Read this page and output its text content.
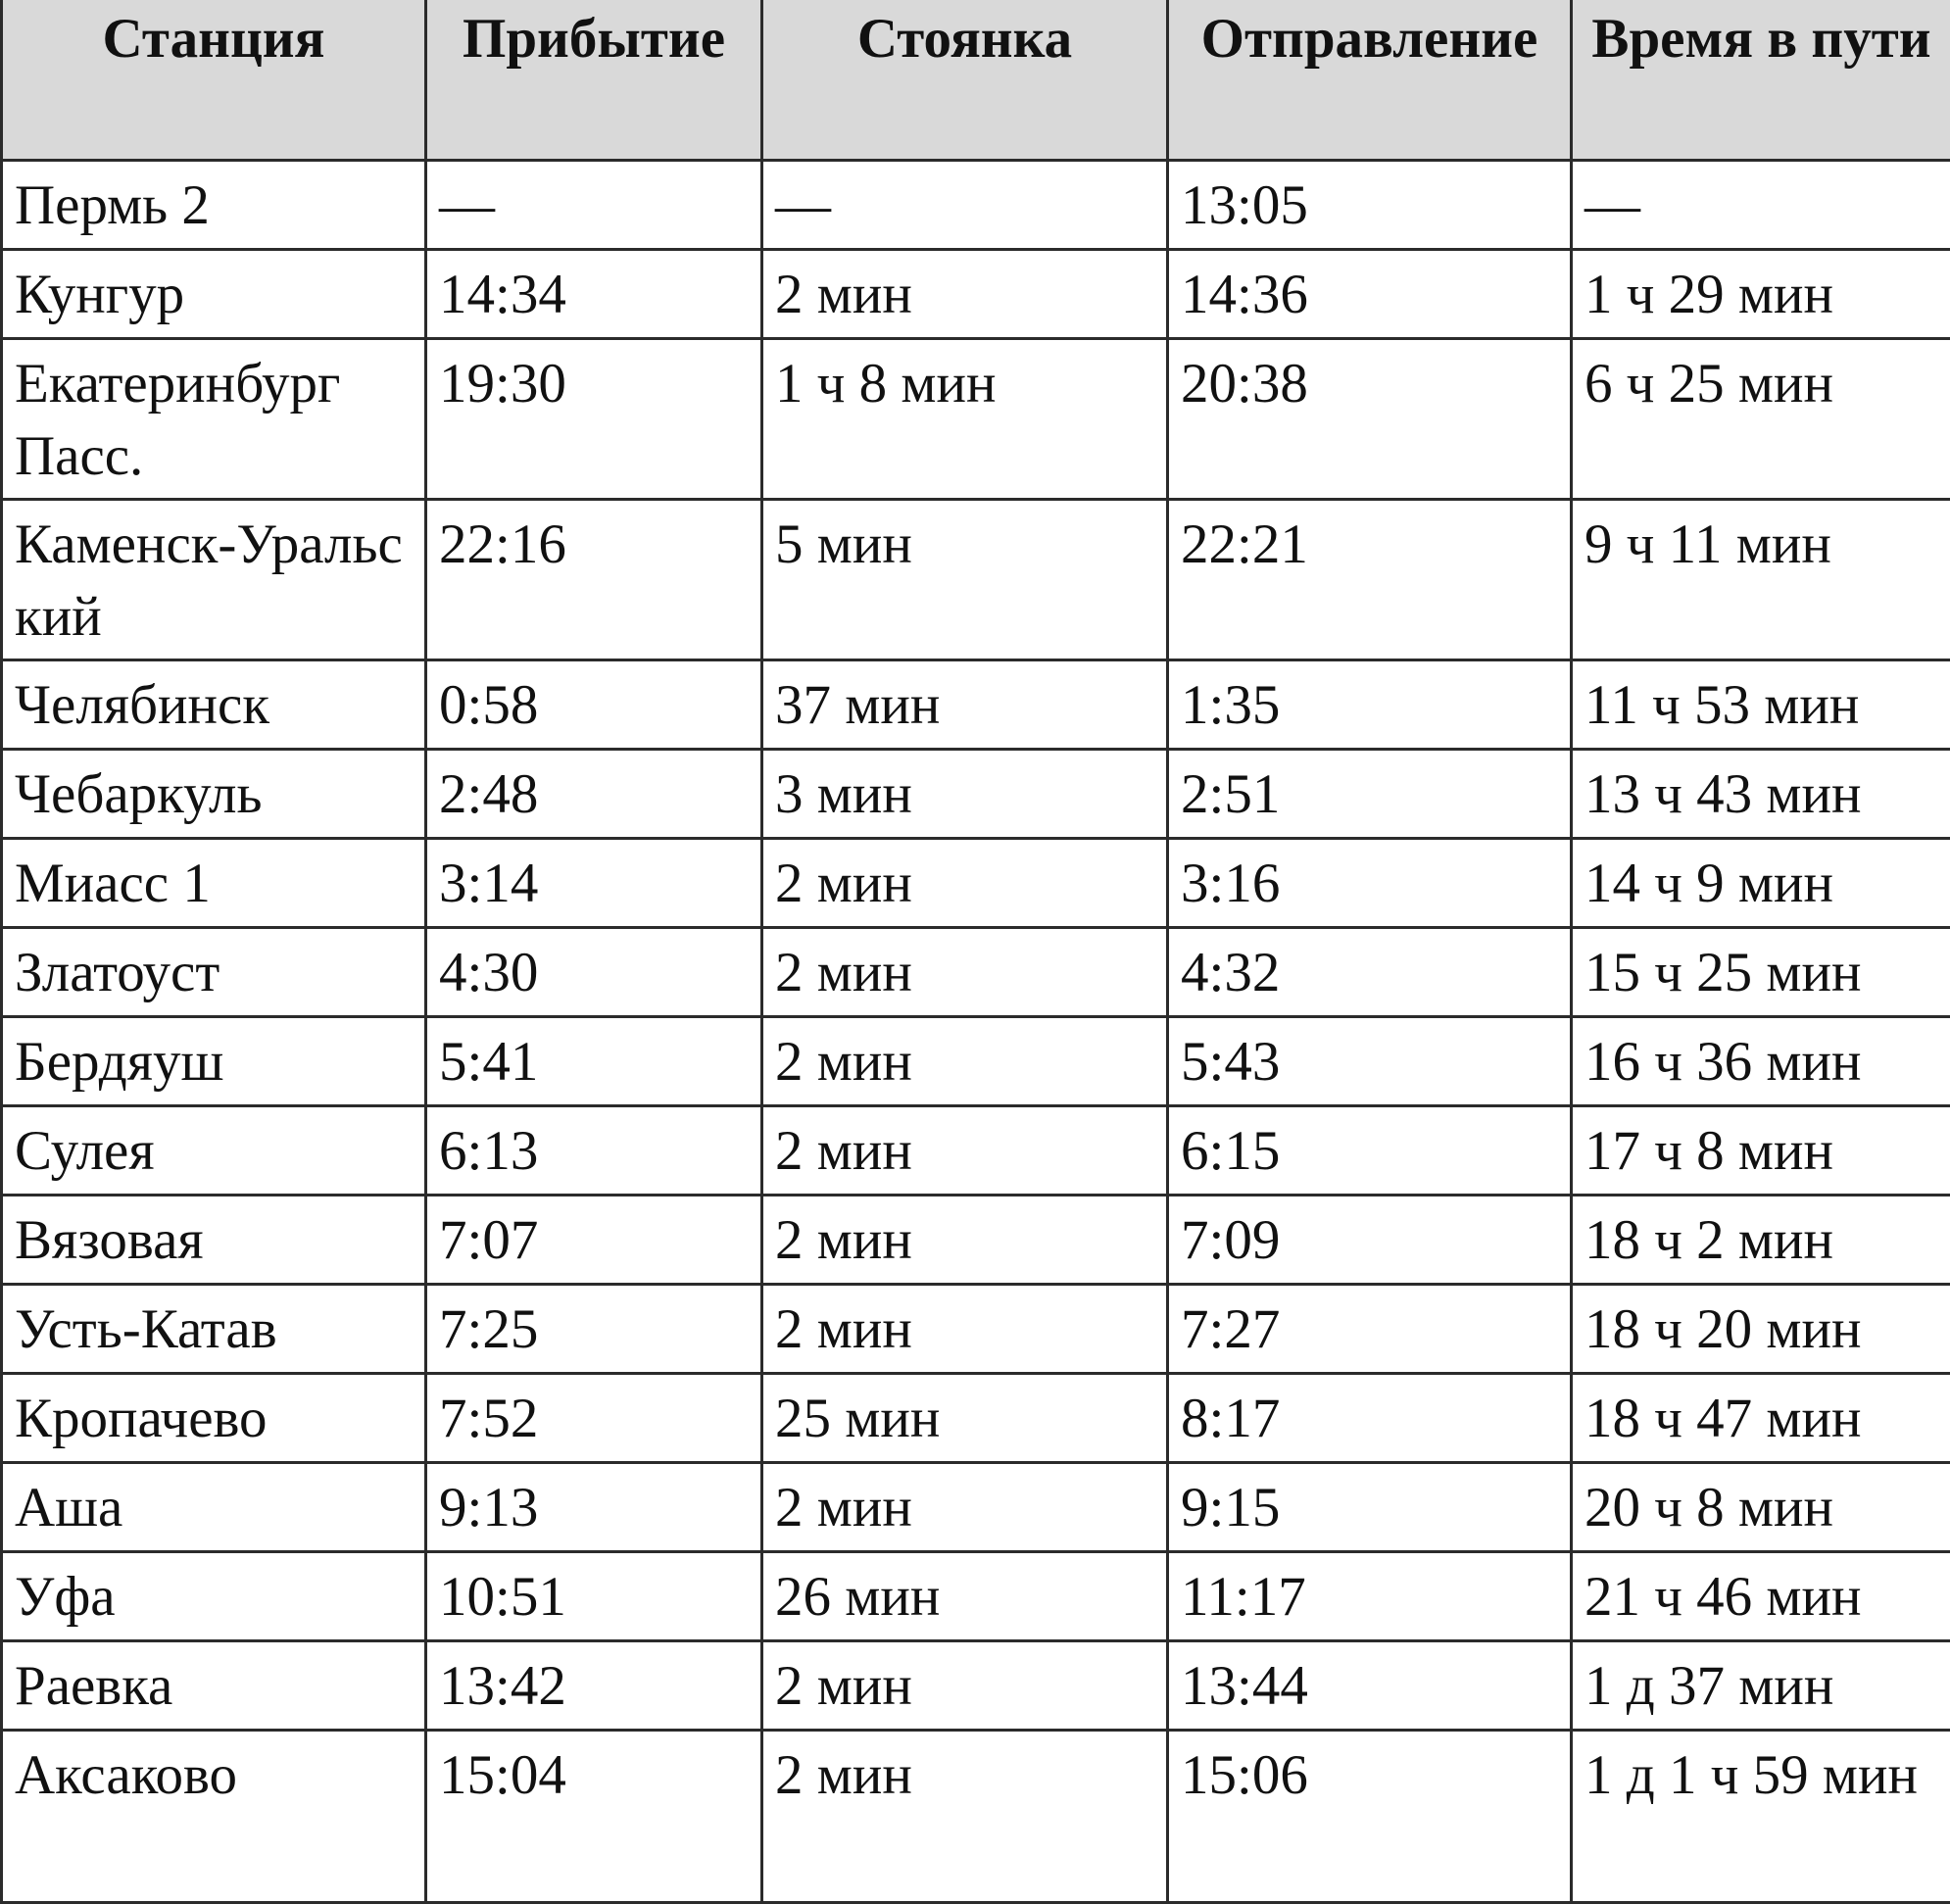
Станция	Прибытие	Стоянка	Отправление	Время в пути
Пермь 2	—	—	13:05	—
Кунгур	14:34	2 мин	14:36	1 ч 29 мин
Екатеринбург Пасс.	19:30	1 ч 8 мин	20:38	6 ч 25 мин
Каменск-Уральский	22:16	5 мин	22:21	9 ч 11 мин
Челябинск	0:58	37 мин	1:35	11 ч 53 мин
Чебаркуль	2:48	3 мин	2:51	13 ч 43 мин
Миасс 1	3:14	2 мин	3:16	14 ч 9 мин
Златоуст	4:30	2 мин	4:32	15 ч 25 мин
Бердяуш	5:41	2 мин	5:43	16 ч 36 мин
Сулея	6:13	2 мин	6:15	17 ч 8 мин
Вязовая	7:07	2 мин	7:09	18 ч 2 мин
Усть-Катав	7:25	2 мин	7:27	18 ч 20 мин
Кропачево	7:52	25 мин	8:17	18 ч 47 мин
Аша	9:13	2 мин	9:15	20 ч 8 мин
Уфа	10:51	26 мин	11:17	21 ч 46 мин
Раевка	13:42	2 мин	13:44	1 д 37 мин
Аксаково	15:04	2 мин	15:06	1 д 1 ч 59 мин
